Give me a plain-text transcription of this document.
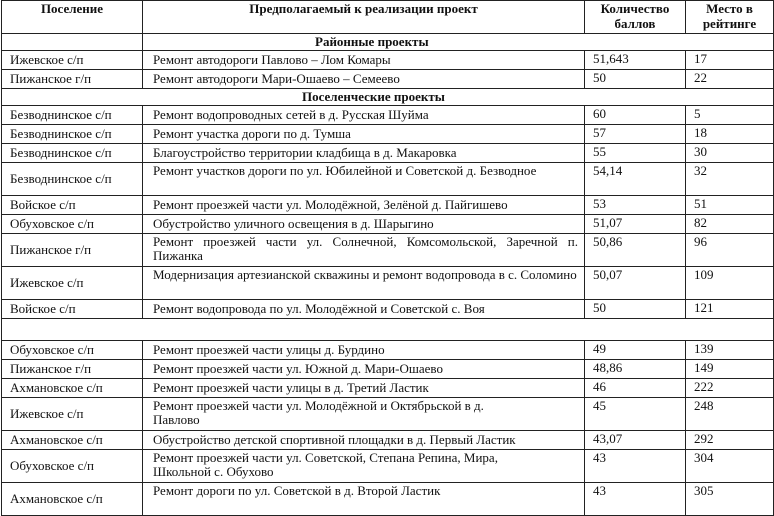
Поселение	Предполагаемый к реализации проект	Количество баллов	Место в рейтинге
	Районные проекты		
Ижевское с/п	Ремонт автодороги Павлово – Лом Комары	51,643	17
Пижанское г/п	Ремонт автодороги Мари-Ошаево – Семеево	50	22
Поселенческие проекты			
Безводнинское с/п	Ремонт водопроводных сетей в д. Русская Шуйма	60	5
Безводнинское с/п	Ремонт участка дороги по д. Тумша	57	18
Безводнинское с/п	Благоустройство территории кладбища в д. Макаровка	55	30
Безводнинское с/п	Ремонт участков дороги по ул. Юбилейной и Советской д. Безводное	54,14	32
Войское с/п	Ремонт проезжей части ул. Молодёжной, Зелёной д. Пайгишево	53	51
Обуховское с/п	Обустройство уличного освещения в д. Шарыгино	51,07	82
Пижанское г/п	Ремонт проезжей части ул. Солнечной, Комсомольской, Заречной п. Пижанка	50,86	96
Ижевское с/п	Модернизация артезианской скважины и ремонт водопровода в с. Соломино	50,07	109
Войское с/п	Ремонт водопровода по ул. Молодёжной и Советской с. Воя	50	121

Обуховское с/п	Ремонт проезжей части улицы д. Бурдино	49	139
Пижанское г/п	Ремонт проезжей части ул. Южной д. Мари-Ошаево	48,86	149
Ахмановское с/п	Ремонт проезжей части улицы в д. Третий Ластик	46	222
Ижевское с/п	Ремонт проезжей части ул. Молодёжной и Октябрьской в д. Павлово	45	248
Ахмановское с/п	Обустройство детской спортивной площадки в д. Первый Ластик	43,07	292
Обуховское с/п	Ремонт проезжей части ул. Советской, Степана Репина, Мира, Школьной с. Обухово	43	304
Ахмановское с/п	Ремонт дороги по ул. Советской в д. Второй Ластик	43	305
